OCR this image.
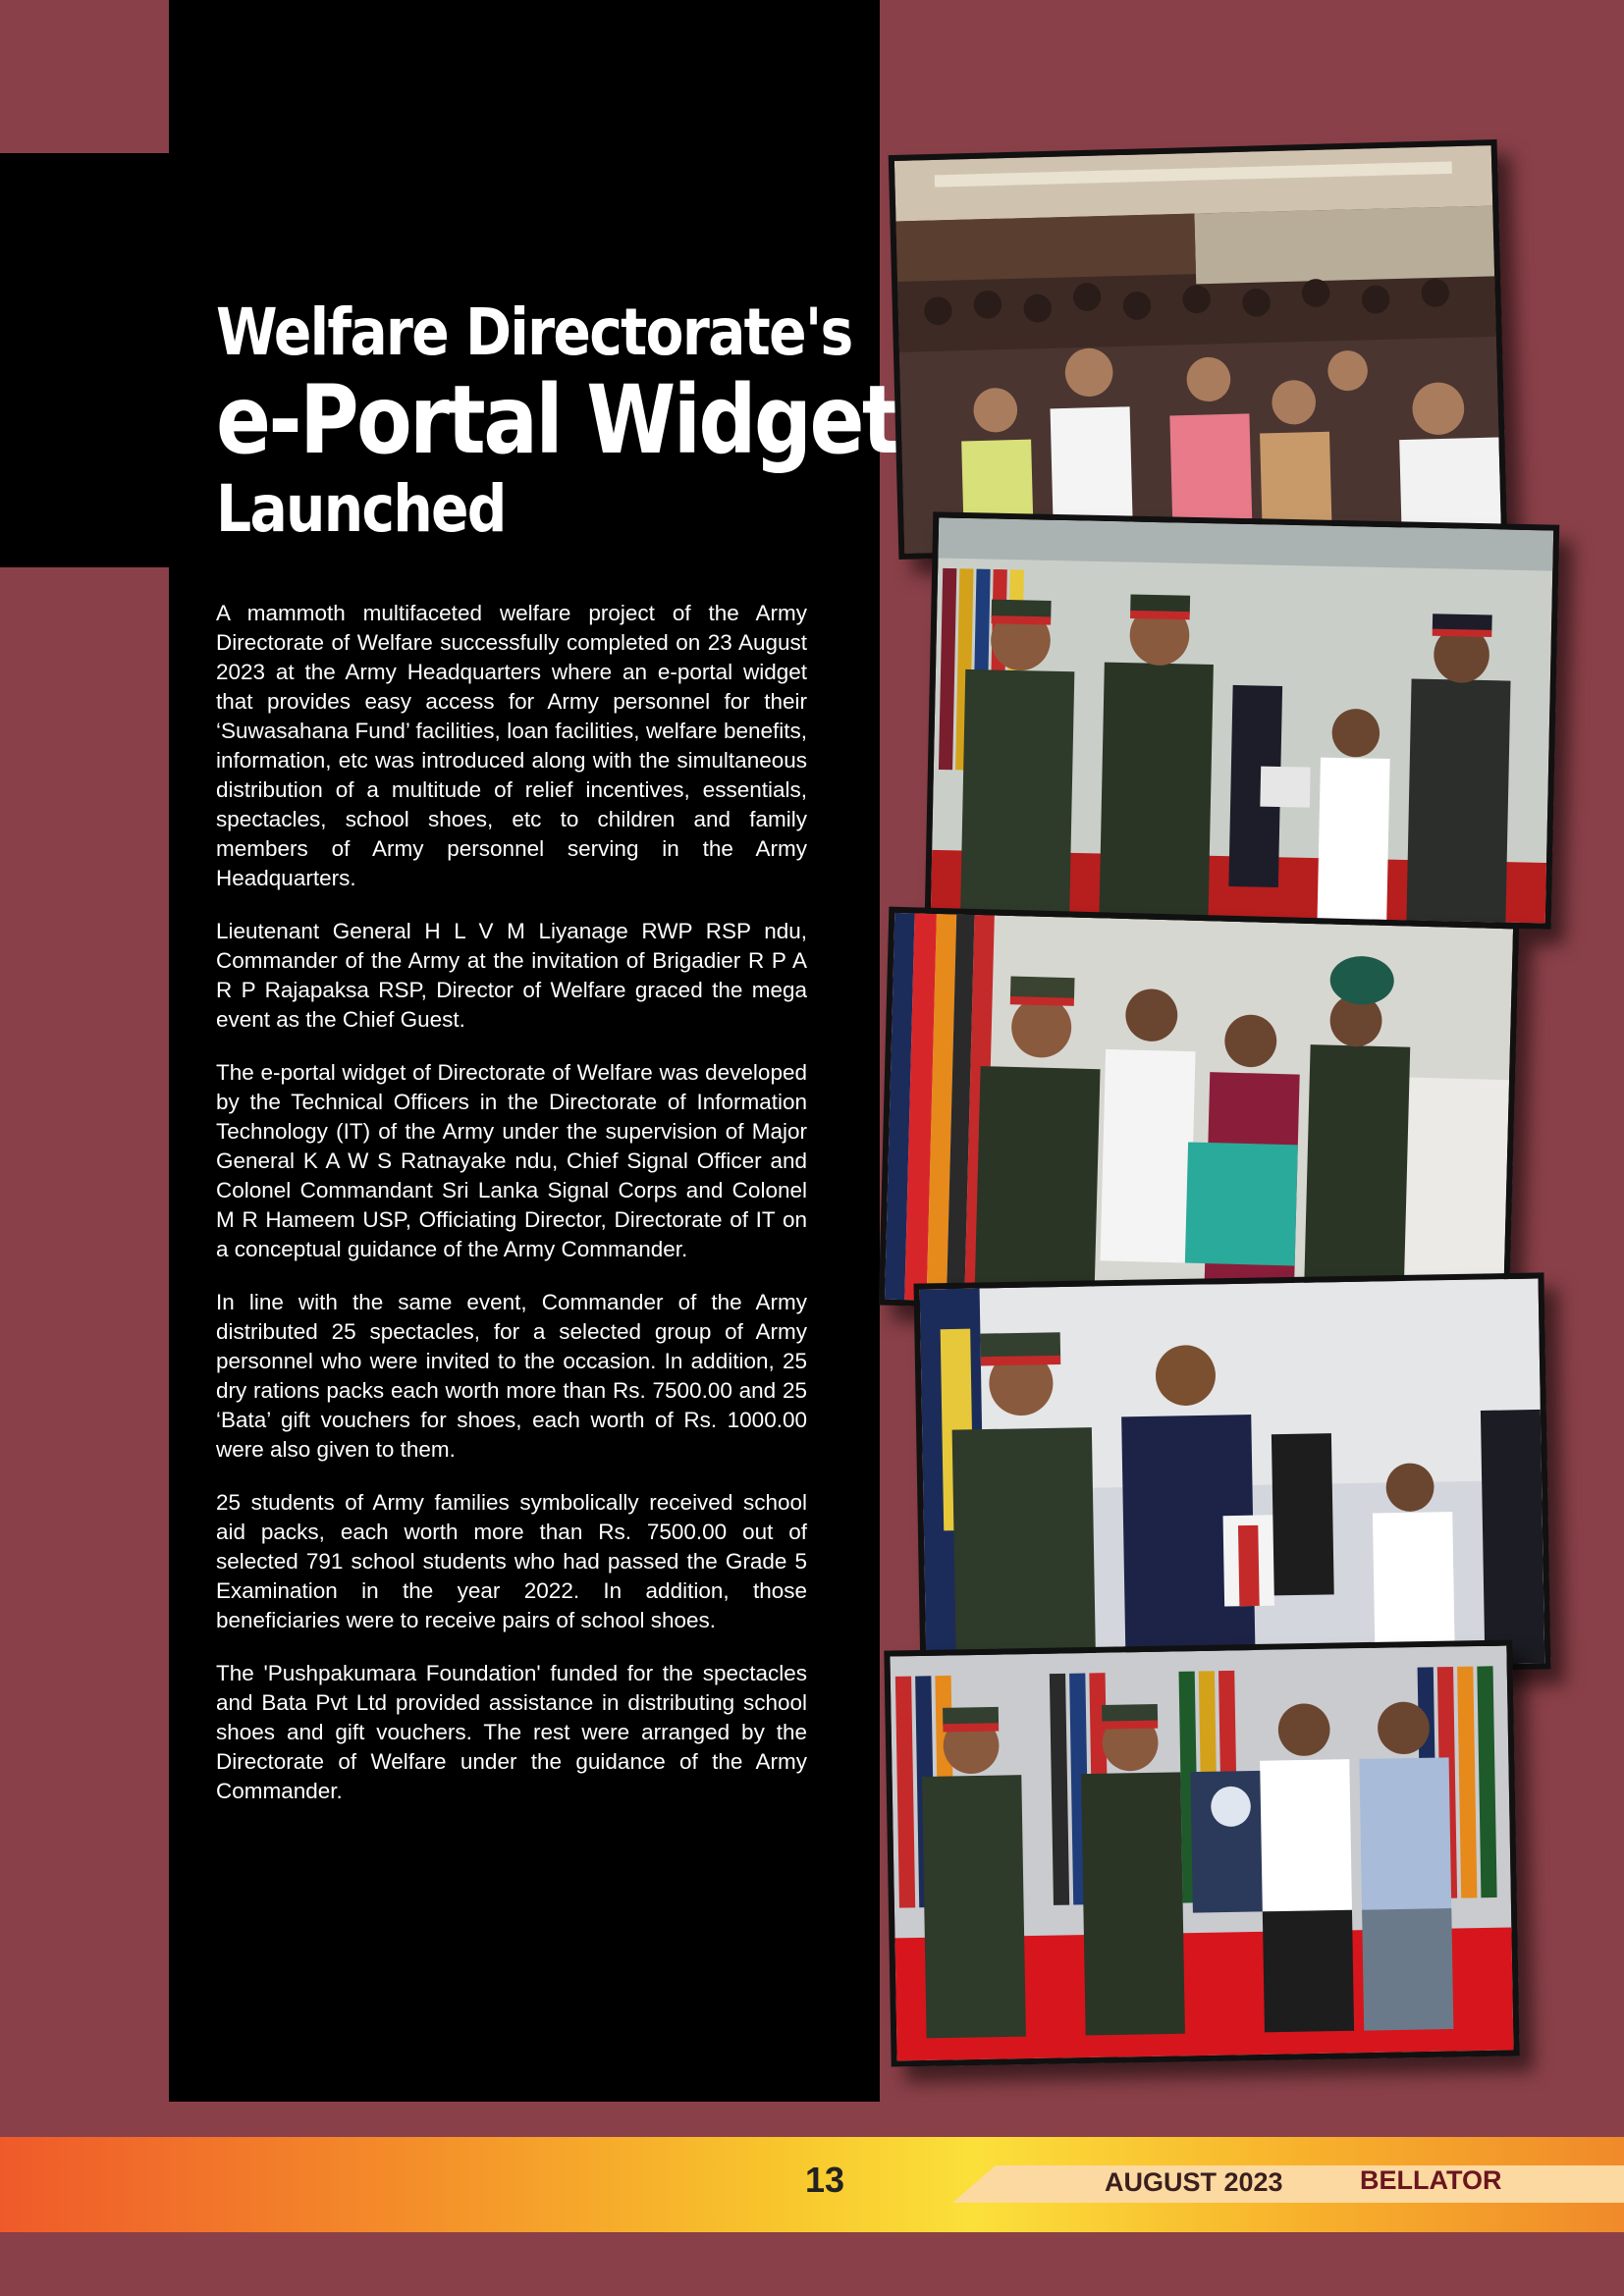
Welfare Directorate's
e-Portal Widget
Launched

A mammoth multifaceted welfare project of the Army Directorate of Welfare successfully completed on 23 August 2023 at the Army Headquarters where an e-portal widget that provides easy access for Army personnel for their ‘Suwasahana Fund’ facilities, loan facilities, welfare benefits, information, etc was introduced along with the simultaneous distribution of a multitude of relief incentives, essentials, spectacles, school shoes, etc to children and family members of Army personnel serving in the Army Headquarters.

Lieutenant General H L V M Liyanage RWP RSP ndu, Commander of the Army at the invitation of Brigadier R P A R P Rajapaksa RSP, Director of Welfare graced the mega event as the Chief Guest.

The e-portal widget of Directorate of Welfare was developed by the Technical Officers in the Directorate of Information Technology (IT) of the Army under the supervision of Major General K A W S Ratnayake ndu, Chief Signal Officer and Colonel Commandant Sri Lanka Signal Corps and Colonel M R Hameem USP, Officiating Director, Directorate of IT on a conceptual guidance of the Army Commander.

In line with the same event, Commander of the Army distributed 25 spectacles, for a selected group of Army personnel who were invited to the occasion. In addition, 25 dry rations packs each worth more than Rs. 7500.00 and 25 ‘Bata’ gift vouchers for shoes, each worth of Rs. 1000.00 were also given to them.

25 students of Army families symbolically received school aid packs, each worth more than Rs. 7500.00 out of selected 791 school students who had passed the Grade 5 Examination in the year 2022. In addition, those beneficiaries were to receive pairs of school shoes.

The 'Pushpakumara Foundation' funded for the spectacles and Bata Pvt Ltd provided assistance in distributing school shoes and gift vouchers. The rest were arranged by the Directorate of Welfare under the guidance of the Army Commander.

13	AUGUST 2023	BELLATOR
